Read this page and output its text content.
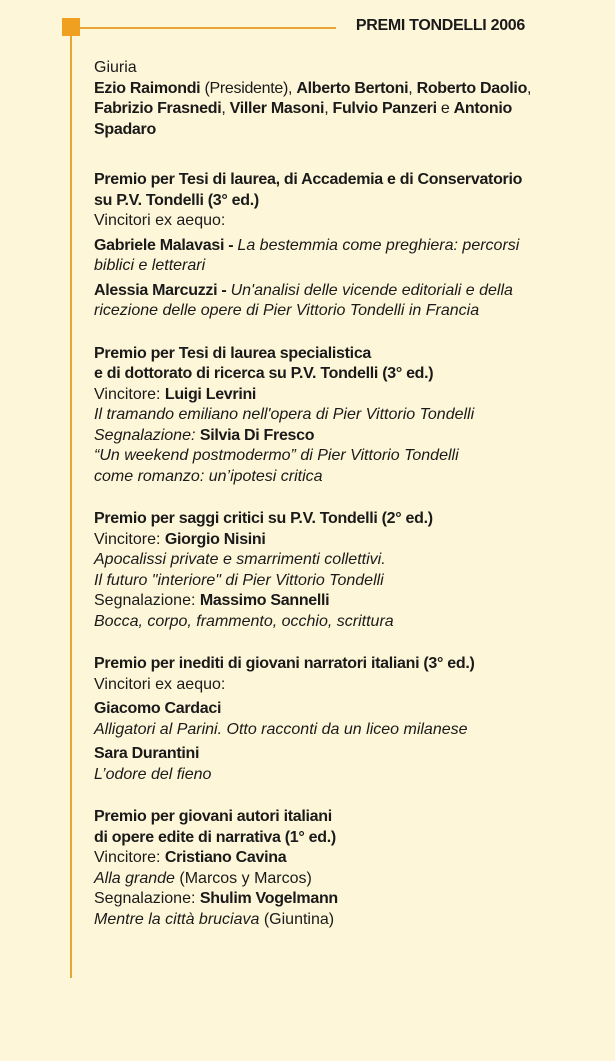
PREMI TONDELLI 2006
Giuria
Ezio Raimondi (Presidente), Alberto Bertoni, Roberto Daolio, Fabrizio Frasnedi, Viller Masoni, Fulvio Panzeri e Antonio Spadaro
Premio per Tesi di laurea, di Accademia e di Conservatorio su P.V. Tondelli (3° ed.)
Vincitori ex aequo:
Gabriele Malavasi - La bestemmia come preghiera: percorsi biblici e letterari
Alessia Marcuzzi - Un'analisi delle vicende editoriali e della ricezione delle opere di Pier Vittorio Tondelli in Francia
Premio per Tesi di laurea specialistica
e di dottorato di ricerca su P.V. Tondelli (3° ed.)
Vincitore: Luigi Levrini
Il tramando emiliano nell'opera di Pier Vittorio Tondelli
Segnalazione: Silvia Di Fresco
“Un weekend postmodermo” di Pier Vittorio Tondelli
come romanzo: un’ipotesi critica
Premio per saggi critici su P.V. Tondelli (2° ed.)
Vincitore: Giorgio Nisini
Apocalissi private e smarrimenti collettivi.
Il futuro "interiore" di Pier Vittorio Tondelli
Segnalazione: Massimo Sannelli
Bocca, corpo, frammento, occhio, scrittura
Premio per inediti di giovani narratori italiani (3° ed.)
Vincitori ex aequo:
Giacomo Cardaci
Alligatori al Parini. Otto racconti da un liceo milanese
Sara Durantini
L’odore del fieno
Premio per giovani autori italiani
di opere edite di narrativa (1° ed.)
Vincitore: Cristiano Cavina
Alla grande (Marcos y Marcos)
Segnalazione: Shulim Vogelmann
Mentre la città bruciava (Giuntina)
